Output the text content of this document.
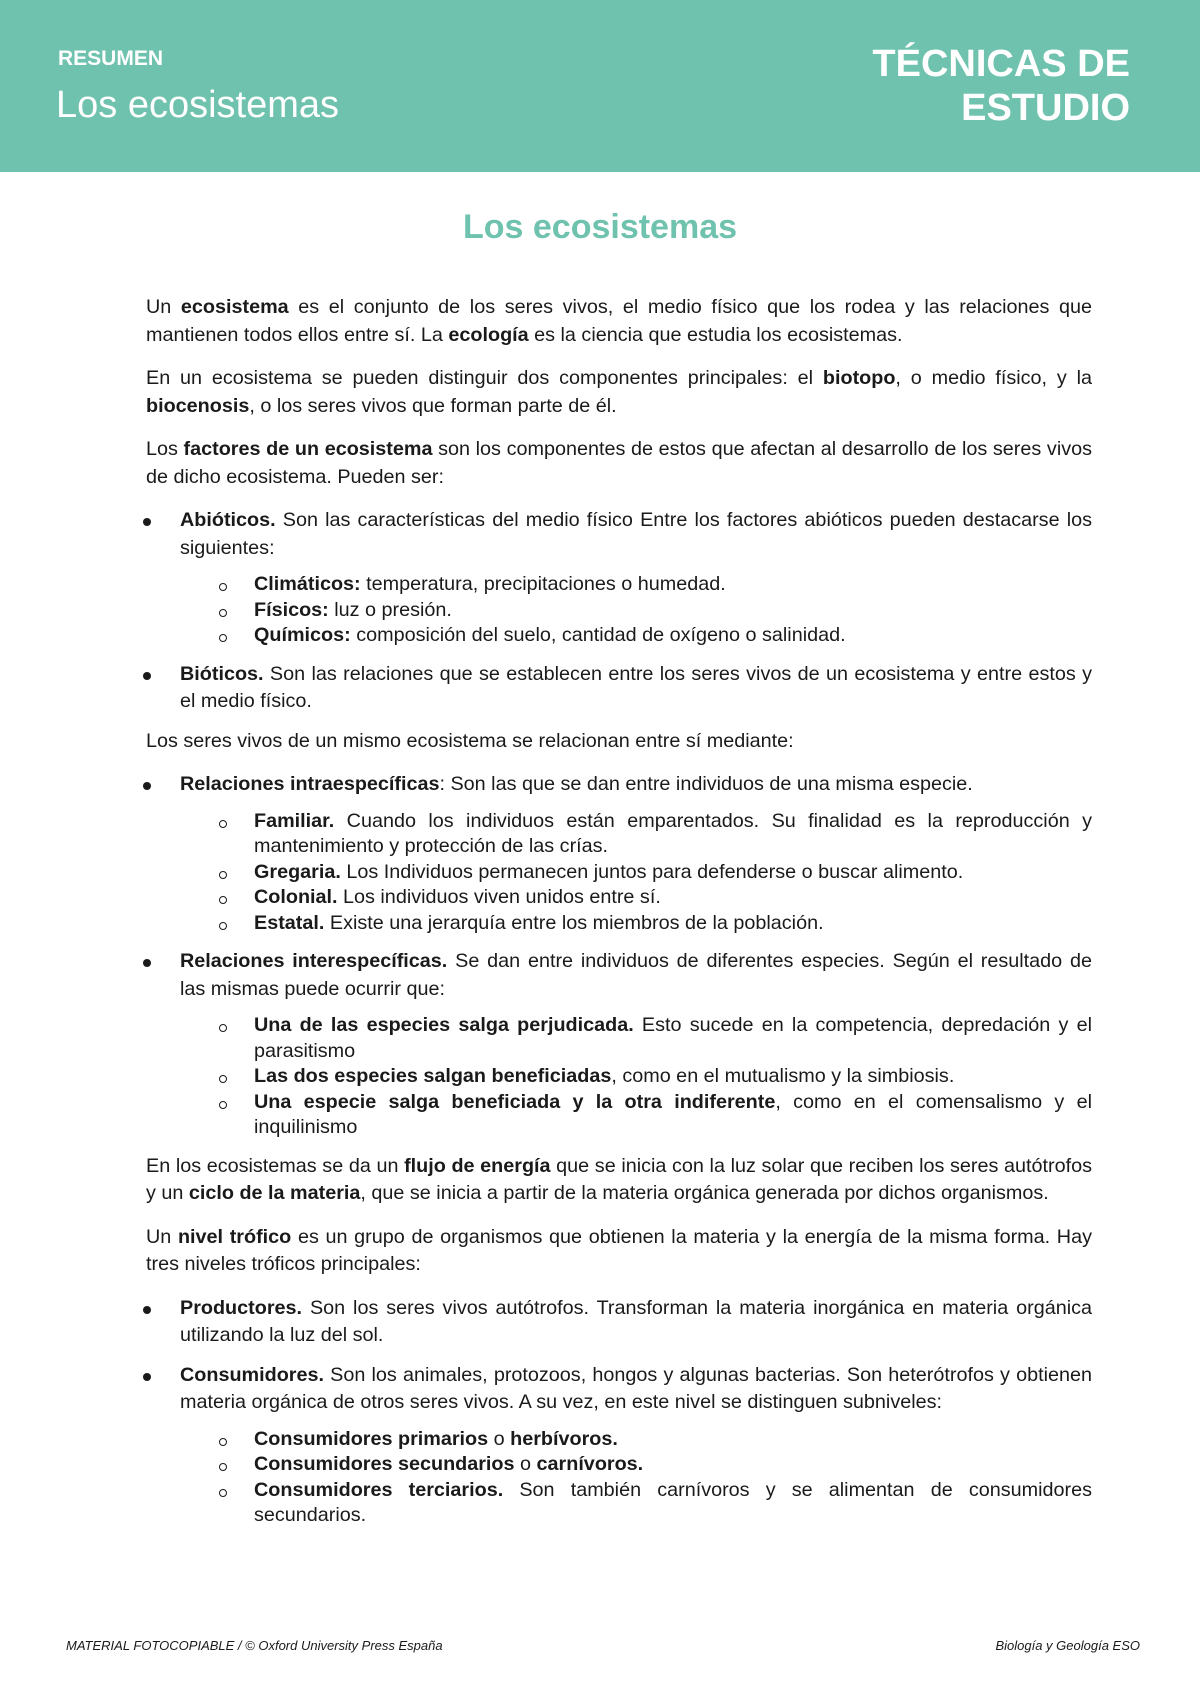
RESUMEN
Los ecosistemas
TÉCNICAS DE
ESTUDIO
Los ecosistemas

Un ecosistema es el conjunto de los seres vivos, el medio físico que los rodea y las relaciones que mantienen todos ellos entre sí. La ecología es la ciencia que estudia los ecosistemas.

En un ecosistema se pueden distinguir dos componentes principales: el biotopo, o medio físico, y la biocenosis, o los seres vivos que forman parte de él.

Los factores de un ecosistema son los componentes de estos que afectan al desarrollo de los seres vivos de dicho ecosistema. Pueden ser:

Abióticos. Son las características del medio físico Entre los factores abióticos pueden destacarse los siguientes:
Climáticos: temperatura, precipitaciones o humedad.
Físicos: luz o presión.
Químicos: composición del suelo, cantidad de oxígeno o salinidad.
Bióticos. Son las relaciones que se establecen entre los seres vivos de un ecosistema y entre estos y el medio físico.

Los seres vivos de un mismo ecosistema se relacionan entre sí mediante:

Relaciones intraespecíficas: Son las que se dan entre individuos de una misma especie.
Familiar. Cuando los individuos están emparentados. Su finalidad es la reproducción y mantenimiento y protección de las crías.
Gregaria. Los Individuos permanecen juntos para defenderse o buscar alimento.
Colonial. Los individuos viven unidos entre sí.
Estatal. Existe una jerarquía entre los miembros de la población.
Relaciones interespecíficas. Se dan entre individuos de diferentes especies. Según el resultado de las mismas puede ocurrir que:
Una de las especies salga perjudicada. Esto sucede en la competencia, depredación y el parasitismo
Las dos especies salgan beneficiadas, como en el mutualismo y la simbiosis.
Una especie salga beneficiada y la otra indiferente, como en el comensalismo y el inquilinismo

En los ecosistemas se da un flujo de energía que se inicia con la luz solar que reciben los seres autótrofos y un ciclo de la materia, que se inicia a partir de la materia orgánica generada por dichos organismos.

Un nivel trófico es un grupo de organismos que obtienen la materia y la energía de la misma forma. Hay tres niveles tróficos principales:

Productores. Son los seres vivos autótrofos. Transforman la materia inorgánica en materia orgánica utilizando la luz del sol.
Consumidores. Son los animales, protozoos, hongos y algunas bacterias. Son heterótrofos y obtienen materia orgánica de otros seres vivos. A su vez, en este nivel se distinguen subniveles:
Consumidores primarios o herbívoros.
Consumidores secundarios o carnívoros.
Consumidores terciarios. Son también carnívoros y se alimentan de consumidores secundarios.
MATERIAL FOTOCOPIABLE / © Oxford University Press España	Biología y Geología ESO
